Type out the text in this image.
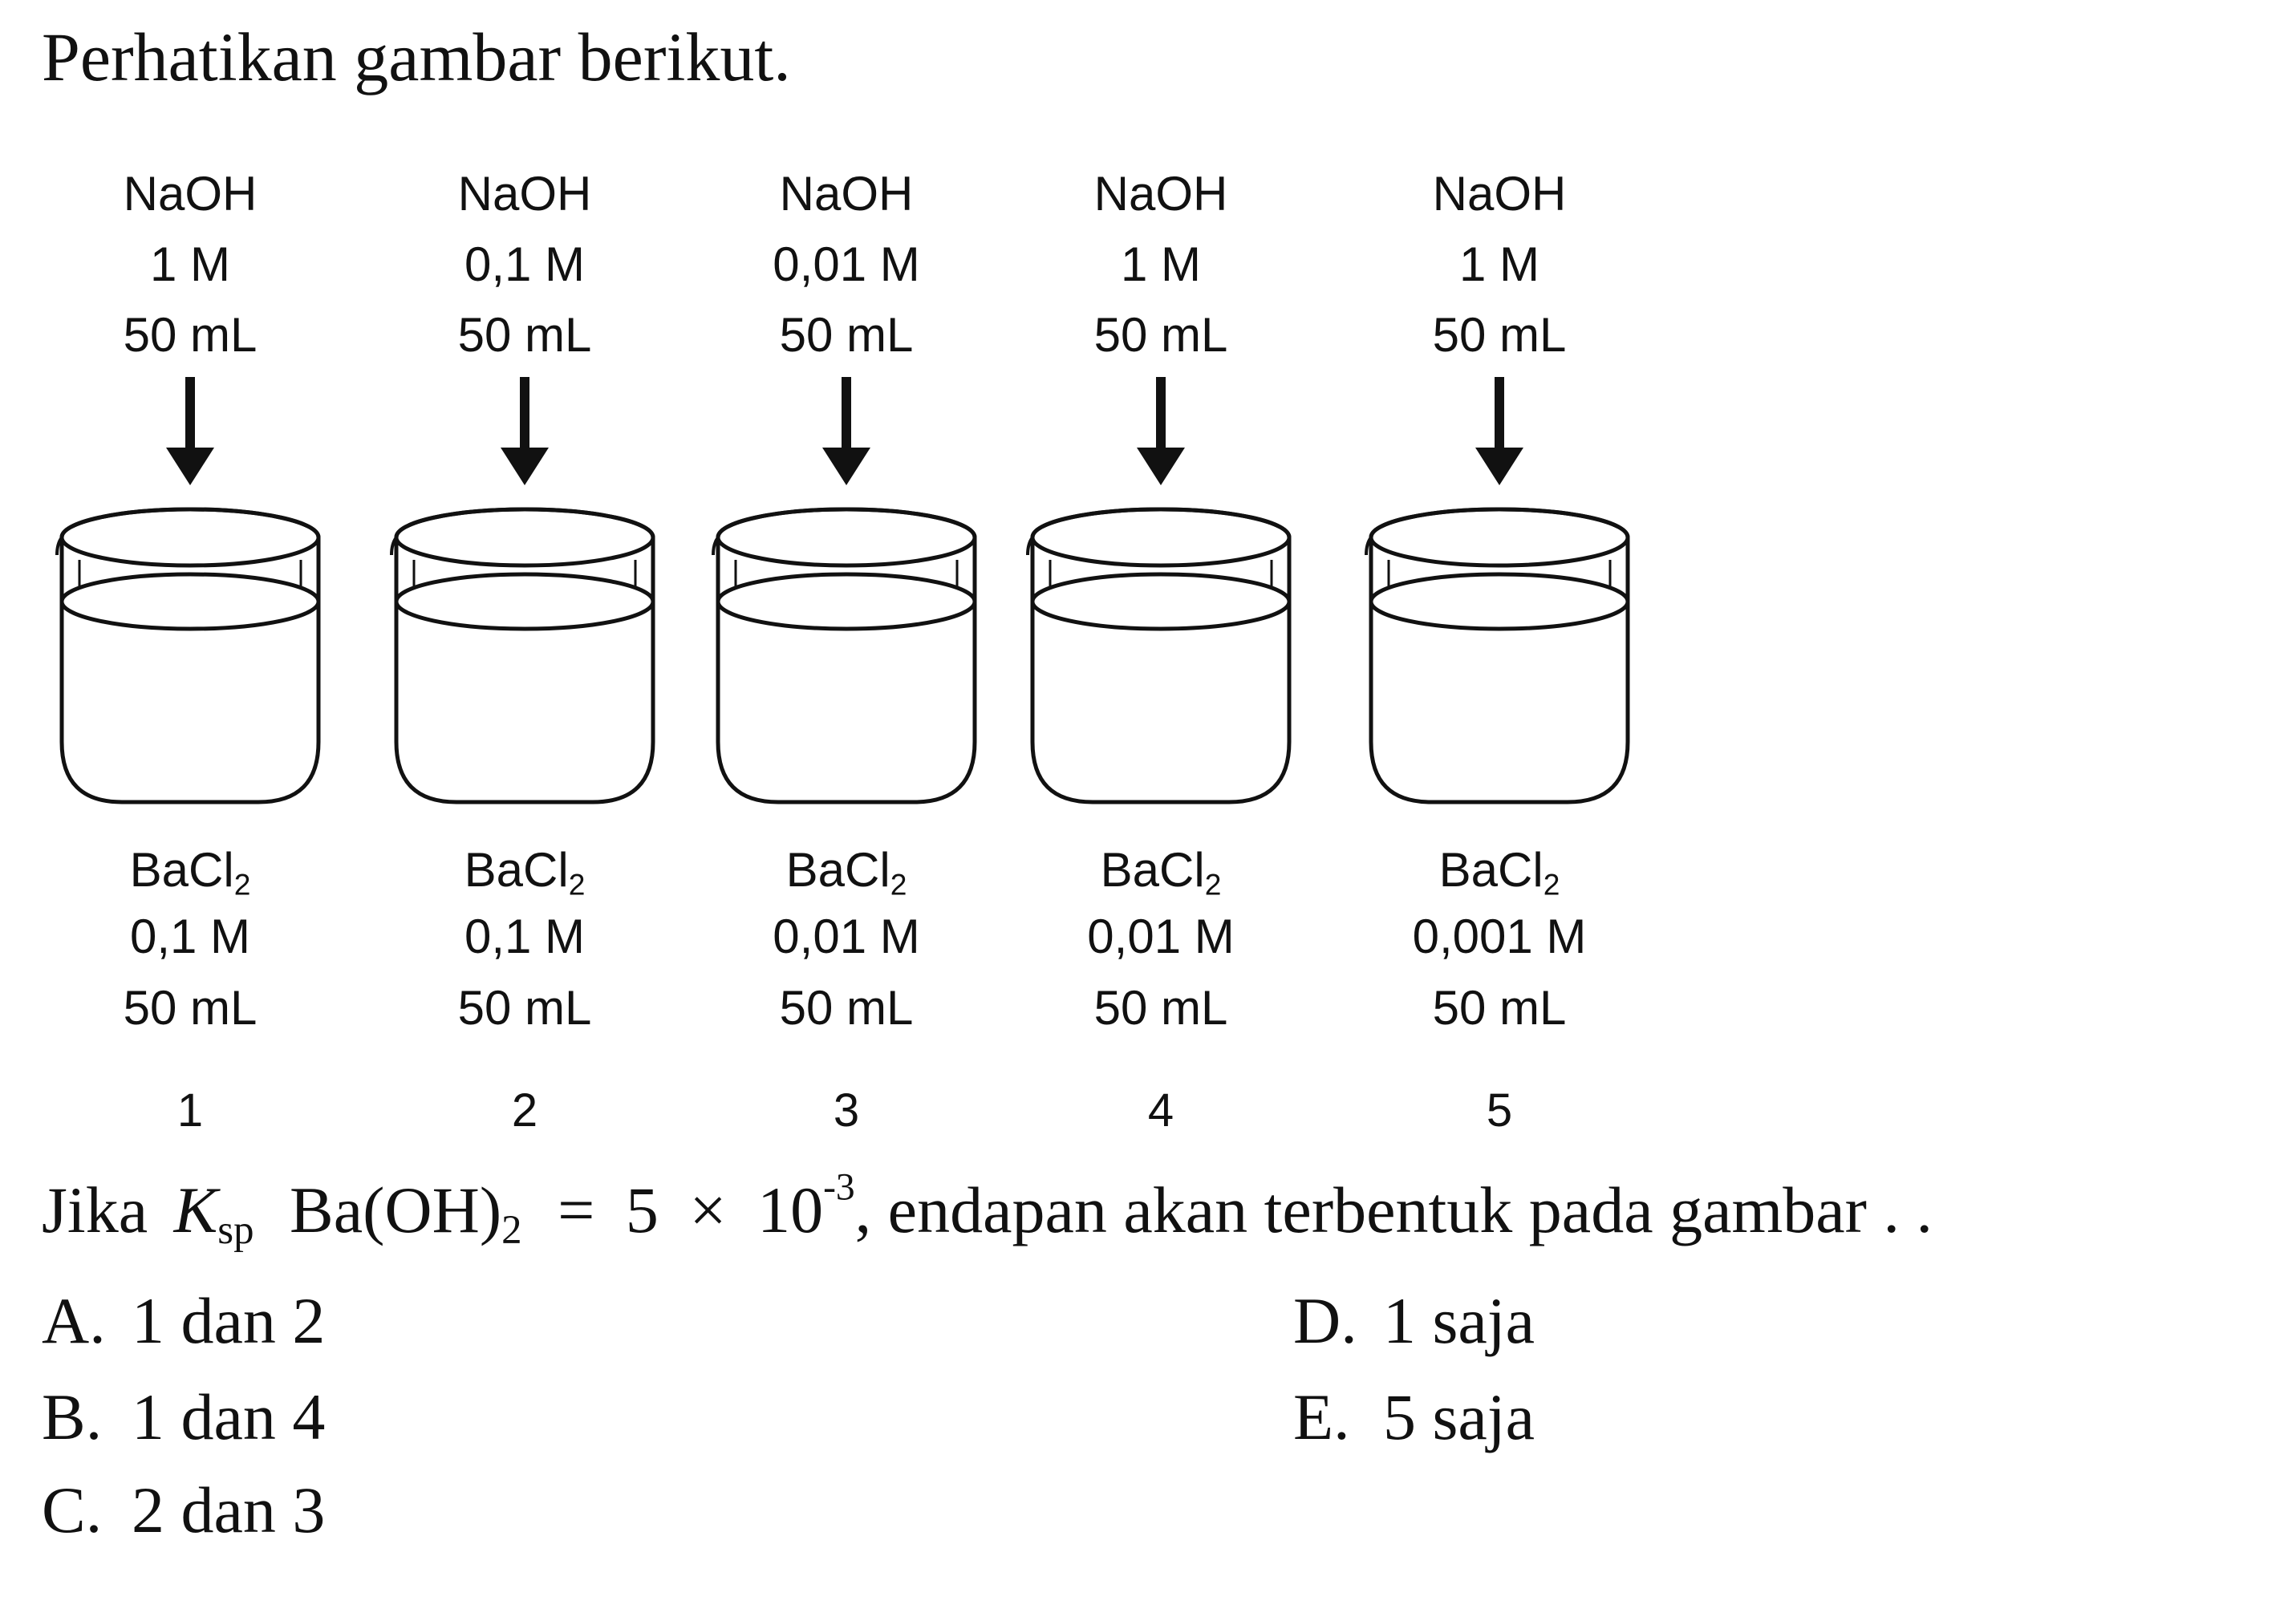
Perhatikan gambar berikut.
NaOH
1 M
50 mL
BaCl$_2$
0,1 M
50 mL
1
NaOH
0,1 M
50 mL
BaCl$_2$
0,1 M
50 mL
2
NaOH
0,01 M
50 mL
BaCl$_2$
0,01 M
50 mL
3
NaOH
1 M
50 mL
BaCl$_2$
0,01 M
50 mL
4
NaOH
1 M
50 mL
BaCl$_2$
0,001 M
50 mL
5
Jika $K_{sp}$ $Ba(OH)_2 = 5 \times 10^{-3}$, endapan akan terbentuk pada gambar . .
A. 1 dan 2
B. 1 dan 4
C. 2 dan 3
D. 1 saja
E. 5 saja
